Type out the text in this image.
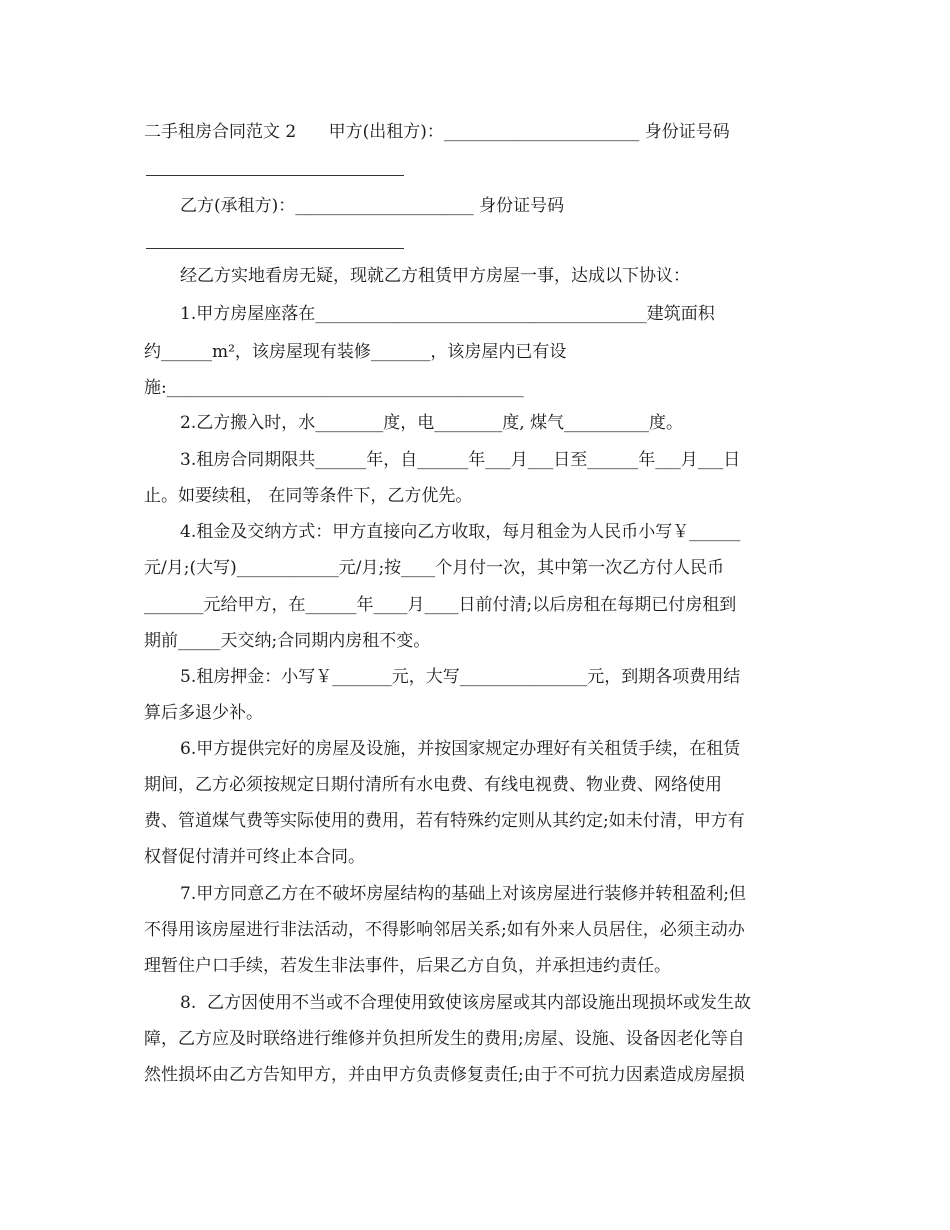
二手租房合同范文 2      甲方(出租方)：_______________________ 身份证号码
乙方(承租方)：_____________________ 身份证号码
经乙方实地看房无疑，现就乙方租赁甲方房屋一事，达成以下协议：
1.甲方房屋座落在_______________________________________建筑面积
约______m²，该房屋现有装修_______，该房屋内已有设
施:__________________________________________
2.乙方搬入时，水________度，电________度, 煤气__________度。
3.租房合同期限共______年，自______年___月___日至______年___月___日
止。如要续租， 在同等条件下，乙方优先。
4.租金及交纳方式：甲方直接向乙方收取，每月租金为人民币小写￥______
元/月;(大写)____________元/月;按____个月付一次，其中第一次乙方付人民币
_______元给甲方，在______年____月____日前付清;以后房租在每期已付房租到
期前_____天交纳;合同期内房租不变。
5.租房押金：小写￥_______元，大写_______________元，到期各项费用结
算后多退少补。
6.甲方提供完好的房屋及设施，并按国家规定办理好有关租赁手续，在租赁
期间，乙方必须按规定日期付清所有水电费、有线电视费、物业费、网络使用
费、管道煤气费等实际使用的费用，若有特殊约定则从其约定;如未付清，甲方有
权督促付清并可终止本合同。
7.甲方同意乙方在不破坏房屋结构的基础上对该房屋进行装修并转租盈利;但
不得用该房屋进行非法活动，不得影响邻居关系;如有外来人员居住，必须主动办
理暂住户口手续，若发生非法事件，后果乙方自负，并承担违约责任。
8.  乙方因使用不当或不合理使用致使该房屋或其内部设施出现损坏或发生故
障，乙方应及时联络进行维修并负担所发生的费用;房屋、设施、设备因老化等自
然性损坏由乙方告知甲方，并由甲方负责修复责任;由于不可抗力因素造成房屋损
